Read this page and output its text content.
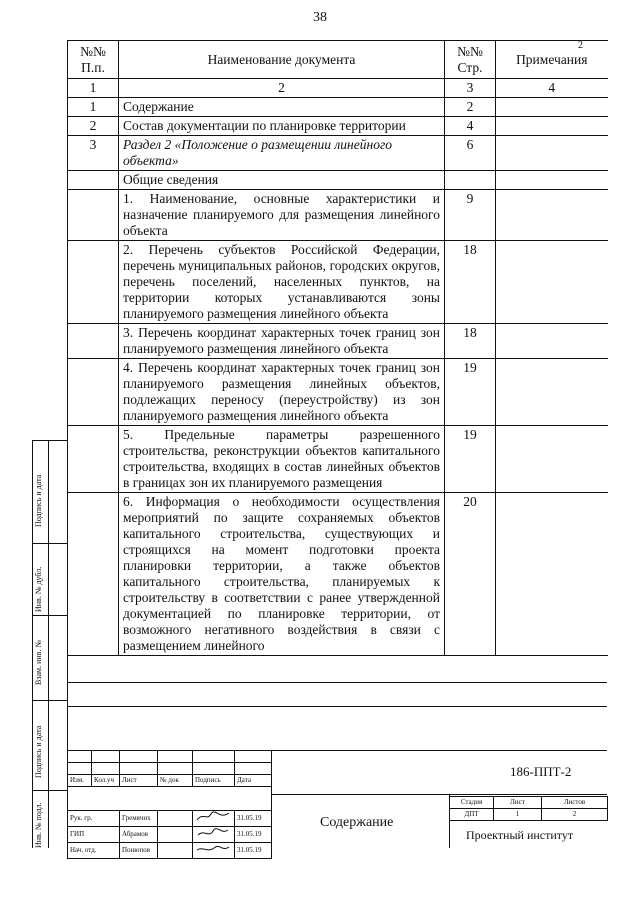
38
2
№№ П.п.	Наименование документа	№№ Стр.	Примечания
1	2	3	4
1	Содержание	2	
2	Состав документации по планировке территории	4	
3	Раздел 2 «Положение о размещении линейного объекта»	6	
	Общие сведения		
	1. Наименование, основные характеристики и назначение планируемого для размещения линейного объекта	9	
	2. Перечень субъектов Российской Федерации, перечень муниципальных районов, городских округов, перечень поселений, населенных пунктов, на территории которых устанавливаются зоны планируемого размещения линейного объекта	18	
	3. Перечень координат характерных точек границ зон планируемого размещения линейного объекта	18	
	4. Перечень координат характерных точек границ зон планируемого размещения линейных объектов, подлежащих переносу (переустройству) из зон планируемого размещения линейного объекта	19	
	5. Предельные параметры разрешенного строительства, реконструкции объектов капитального строительства, входящих в состав линейных объектов в границах зон их планируемого размещения	19	
	6. Информация о необходимости осуществления мероприятий по защите сохраняемых объектов капитального строительства, существующих и строящихся на момент подготовки проекта планировки территории, а также объектов капитального строительства, планируемых к строительству в соответствии с ранее утвержденной документацией по планировке территории, от возможного негативного воздействия в связи с размещением линейного	20	
Подпись и дата
Инв. № дубл.
Взам. инв. №
Подпись и дата
Инв. № подл.

Изм.	Кол.уч	Лист	№ док	Подпись	Дата
186-ППТ-2
Рук. гр.	Гремячих			31.05.19
ГИП	Абрамов			31.05.19
Нач. отд.	Понюпов			31.05.19
Содержание
Стадия	Лист	Листов
ДПТ	1	2
Проектный институт
